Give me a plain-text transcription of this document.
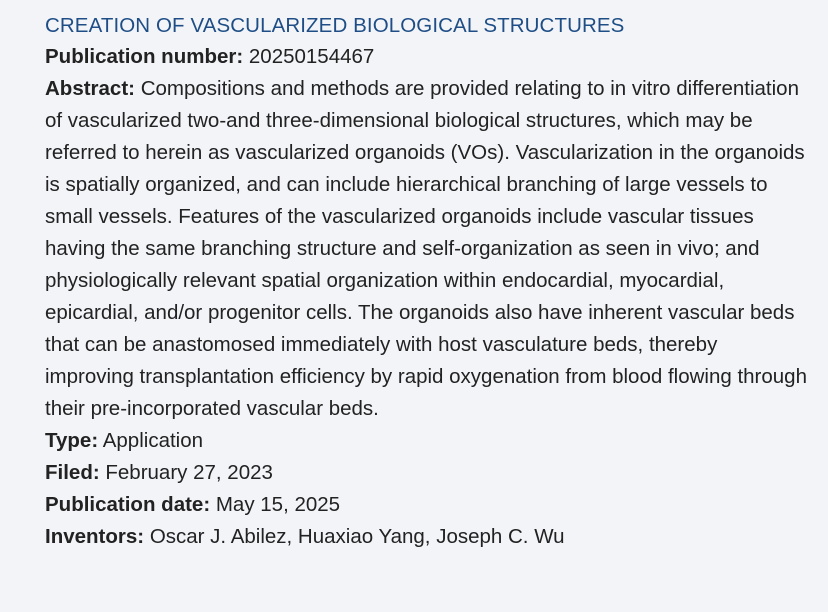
CREATION OF VASCULARIZED BIOLOGICAL STRUCTURES
Publication number: 20250154467

Abstract: Compositions and methods are provided relating to in vitro differentiation of vascularized two-and three-dimensional biological structures, which may be referred to herein as vascularized organoids (VOs). Vascularization in the organoids is spatially organized, and can include hierarchical branching of large vessels to small vessels. Features of the vascularized organoids include vascular tissues having the same branching structure and self-organization as seen in vivo; and physiologically relevant spatial organization within endocardial, myocardial, epicardial, and/or progenitor cells. The organoids also have inherent vascular beds that can be anastomosed immediately with host vasculature beds, thereby improving transplantation efficiency by rapid oxygenation from blood flowing through their pre-incorporated vascular beds.

Type: Application
Filed: February 27, 2023
Publication date: May 15, 2025
Inventors: Oscar J. Abilez, Huaxiao Yang, Joseph C. Wu
